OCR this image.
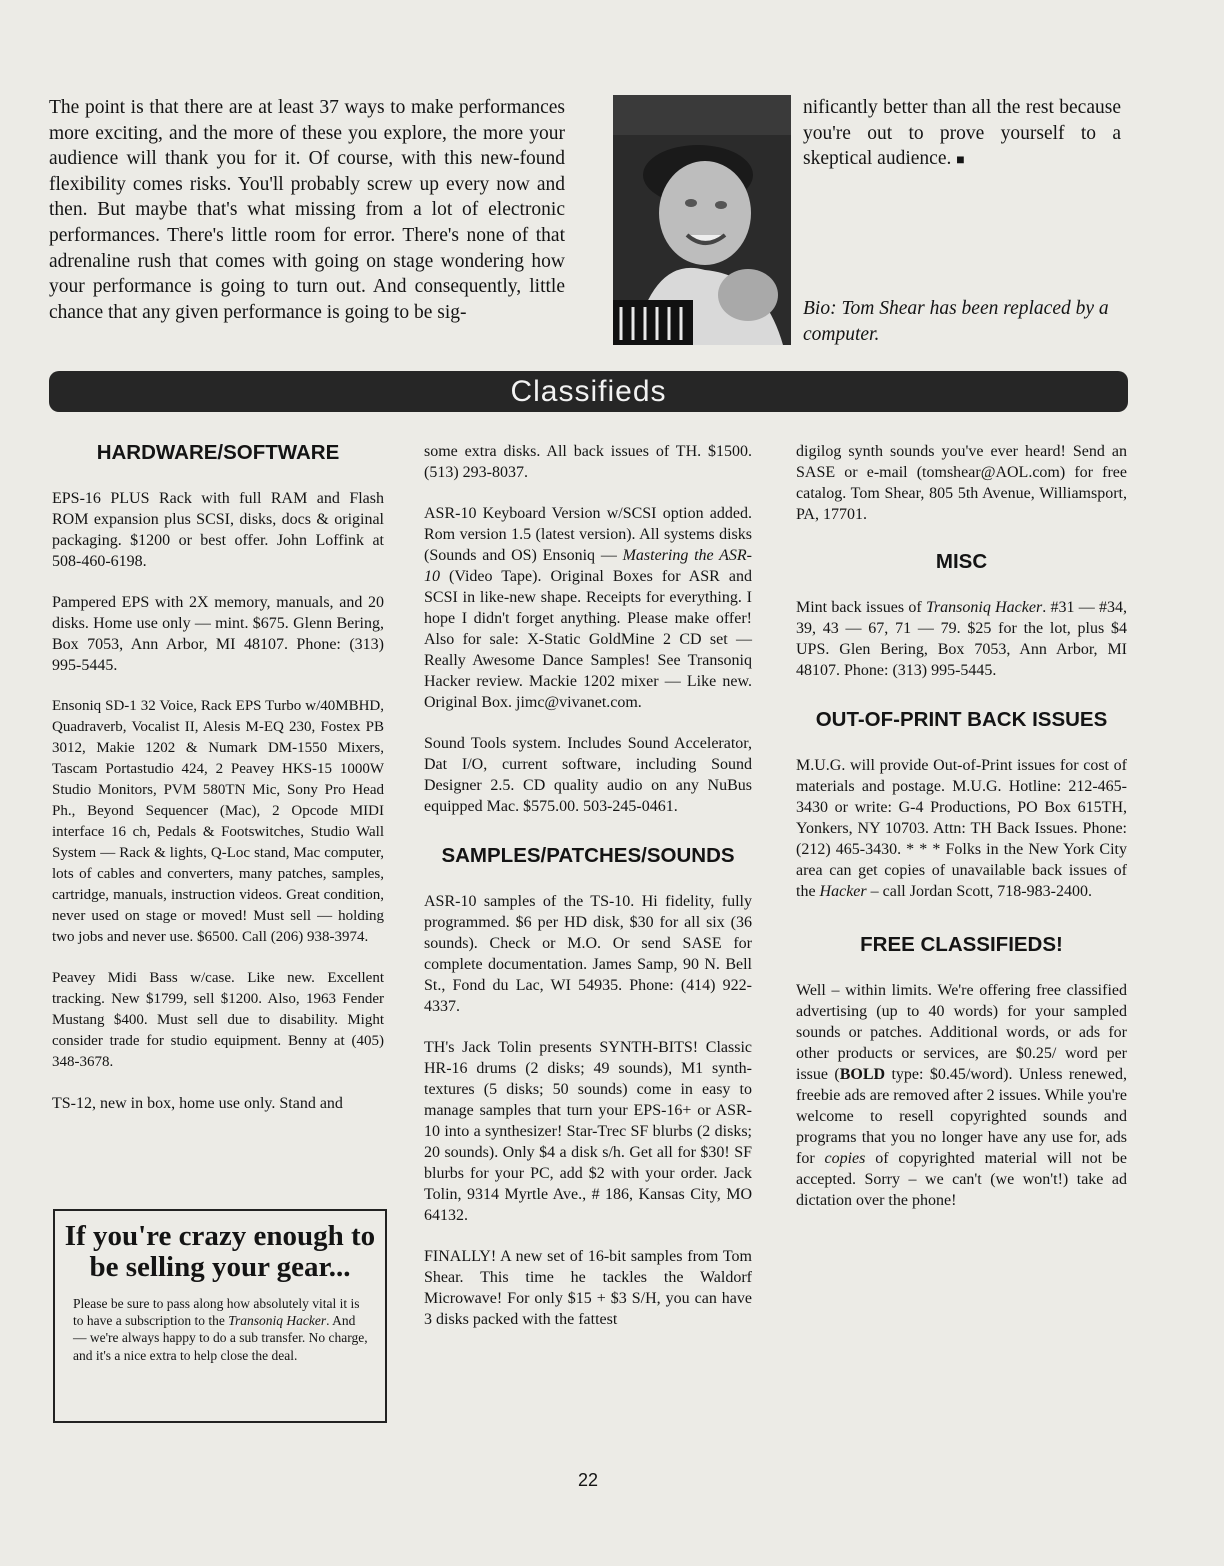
The point is that there are at least 37 ways to make performances more exciting, and the more of these you explore, the more your audience will thank you for it. Of course, with this new-found flexibility comes risks. You'll probably screw up every now and then. But maybe that's what missing from a lot of electronic performances. There's little room for error. There's none of that adrenaline rush that comes with going on stage wondering how your performance is going to turn out. And consequently, little chance that any given performance is going to be sig-
nificantly better than all the rest because you're out to prove yourself to a skeptical audience. ■
Bio: Tom Shear has been replaced by a computer.
Classifieds
HARDWARE/SOFTWARE

EPS-16 PLUS Rack with full RAM and Flash ROM expansion plus SCSI, disks, docs & original packaging. $1200 or best offer. John Loffink at 508-460-6198.

Pampered EPS with 2X memory, manuals, and 20 disks. Home use only — mint. $675. Glenn Bering, Box 7053, Ann Arbor, MI 48107. Phone: (313) 995-5445.

Ensoniq SD-1 32 Voice, Rack EPS Turbo w/40MBHD, Quadraverb, Vocalist II, Alesis M-EQ 230, Fostex PB 3012, Makie 1202 & Numark DM-1550 Mixers, Tascam Portastudio 424, 2 Peavey HKS-15 1000W Studio Monitors, PVM 580TN Mic, Sony Pro Head Ph., Beyond Sequencer (Mac), 2 Opcode MIDI interface 16 ch, Pedals & Footswitches, Studio Wall System — Rack & lights, Q-Loc stand, Mac computer, lots of cables and converters, many patches, samples, cartridge, manuals, instruction videos. Great condition, never used on stage or moved! Must sell — holding two jobs and never use. $6500. Call (206) 938-3974.

Peavey Midi Bass w/case. Like new. Excellent tracking. New $1799, sell $1200. Also, 1963 Fender Mustang $400. Must sell due to disability. Might consider trade for studio equipment. Benny at (405) 348-3678.

TS-12, new in box, home use only. Stand and

If you're crazy enough to be selling your gear...
Please be sure to pass along how absolutely vital it is to have a subscription to the Transoniq Hacker. And — we're always happy to do a sub transfer. No charge, and it's a nice extra to help close the deal.

some extra disks. All back issues of TH. $1500. (513) 293-8037.

ASR-10 Keyboard Version w/SCSI option added. Rom version 1.5 (latest version). All systems disks (Sounds and OS) Ensoniq — Mastering the ASR-10 (Video Tape). Original Boxes for ASR and SCSI in like-new shape. Receipts for everything. I hope I didn't forget anything. Please make offer! Also for sale: X-Static GoldMine 2 CD set — Really Awesome Dance Samples! See Transoniq Hacker review. Mackie 1202 mixer — Like new. Original Box. jimc@vivanet.com.

Sound Tools system. Includes Sound Accelerator, Dat I/O, current software, including Sound Designer 2.5. CD quality audio on any NuBus equipped Mac. $575.00. 503-245-0461.

SAMPLES/PATCHES/SOUNDS

ASR-10 samples of the TS-10. Hi fidelity, fully programmed. $6 per HD disk, $30 for all six (36 sounds). Check or M.O. Or send SASE for complete documentation. James Samp, 90 N. Bell St., Fond du Lac, WI 54935. Phone: (414) 922-4337.

TH's Jack Tolin presents SYNTH-BITS! Classic HR-16 drums (2 disks; 49 sounds), M1 synth-textures (5 disks; 50 sounds) come in easy to manage samples that turn your EPS-16+ or ASR-10 into a synthesizer! Star-Trec SF blurbs (2 disks; 20 sounds). Only $4 a disk s/h. Get all for $30! SF blurbs for your PC, add $2 with your order. Jack Tolin, 9314 Myrtle Ave., # 186, Kansas City, MO 64132.

FINALLY! A new set of 16-bit samples from Tom Shear. This time he tackles the Waldorf Microwave! For only $15 + $3 S/H, you can have 3 disks packed with the fattest

digilog synth sounds you've ever heard! Send an SASE or e-mail (tomshear@AOL.com) for free catalog. Tom Shear, 805 5th Avenue, Williamsport, PA, 17701.

MISC

Mint back issues of Transoniq Hacker. #31 — #34, 39, 43 — 67, 71 — 79. $25 for the lot, plus $4 UPS. Glen Bering, Box 7053, Ann Arbor, MI 48107. Phone: (313) 995-5445.

OUT-OF-PRINT BACK ISSUES

M.U.G. will provide Out-of-Print issues for cost of materials and postage. M.U.G. Hotline: 212-465-3430 or write: G-4 Productions, PO Box 615TH, Yonkers, NY 10703. Attn: TH Back Issues. Phone: (212) 465-3430. * * * Folks in the New York City area can get copies of unavailable back issues of the Hacker – call Jordan Scott, 718-983-2400.

FREE CLASSIFIEDS!

Well – within limits. We're offering free classified advertising (up to 40 words) for your sampled sounds or patches. Additional words, or ads for other products or services, are $0.25/ word per issue (BOLD type: $0.45/word). Unless renewed, freebie ads are removed after 2 issues. While you're welcome to resell copyrighted sounds and programs that you no longer have any use for, ads for copies of copyrighted material will not be accepted. Sorry – we can't (we won't!) take ad dictation over the phone!

22
